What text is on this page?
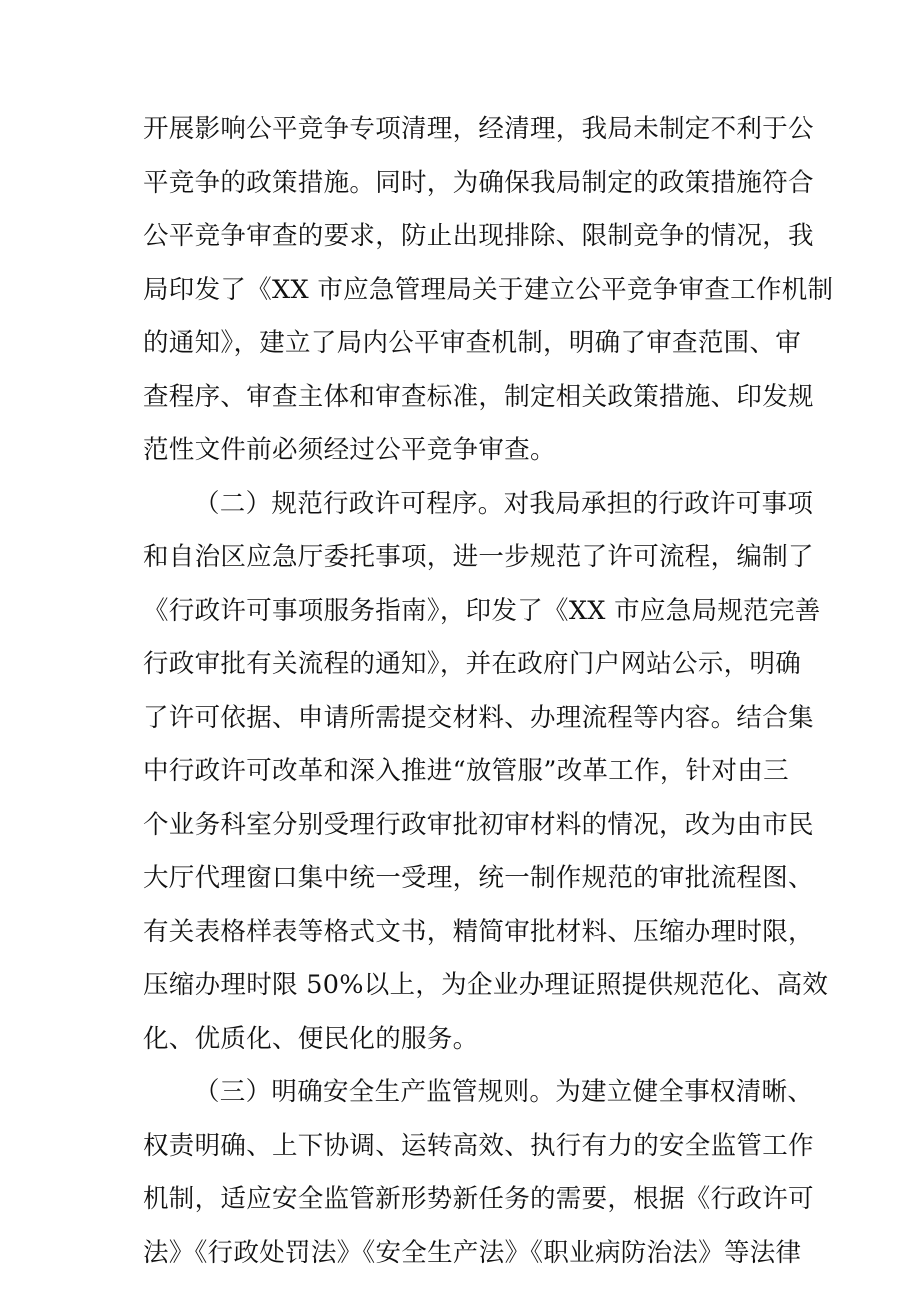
开展影响公平竞争专项清理，经清理，我局未制定不利于公
平竞争的政策措施。同时，为确保我局制定的政策措施符合
公平竞争审查的要求，防止出现排除、限制竞争的情况，我
局印发了《XX 市应急管理局关于建立公平竞争审查工作机制
的通知》，建立了局内公平审查机制，明确了审查范围、审
查程序、审查主体和审查标准，制定相关政策措施、印发规
范性文件前必须经过公平竞争审查。
（二）规范行政许可程序。对我局承担的行政许可事项
和自治区应急厅委托事项，进一步规范了许可流程，编制了
《行政许可事项服务指南》，印发了《XX 市应急局规范完善
行政审批有关流程的通知》，并在政府门户网站公示，明确
了许可依据、申请所需提交材料、办理流程等内容。结合集
中行政许可改革和深入推进“放管服”改革工作，针对由三
个业务科室分别受理行政审批初审材料的情况，改为由市民
大厅代理窗口集中统一受理，统一制作规范的审批流程图、
有关表格样表等格式文书，精简审批材料、压缩办理时限，
压缩办理时限 50%以上，为企业办理证照提供规范化、高效
化、优质化、便民化的服务。
（三）明确安全生产监管规则。为建立健全事权清晰、
权责明确、上下协调、运转高效、执行有力的安全监管工作
机制，适应安全监管新形势新任务的需要，根据《行政许可
法》《行政处罚法》《安全生产法》《职业病防治法》等法律
